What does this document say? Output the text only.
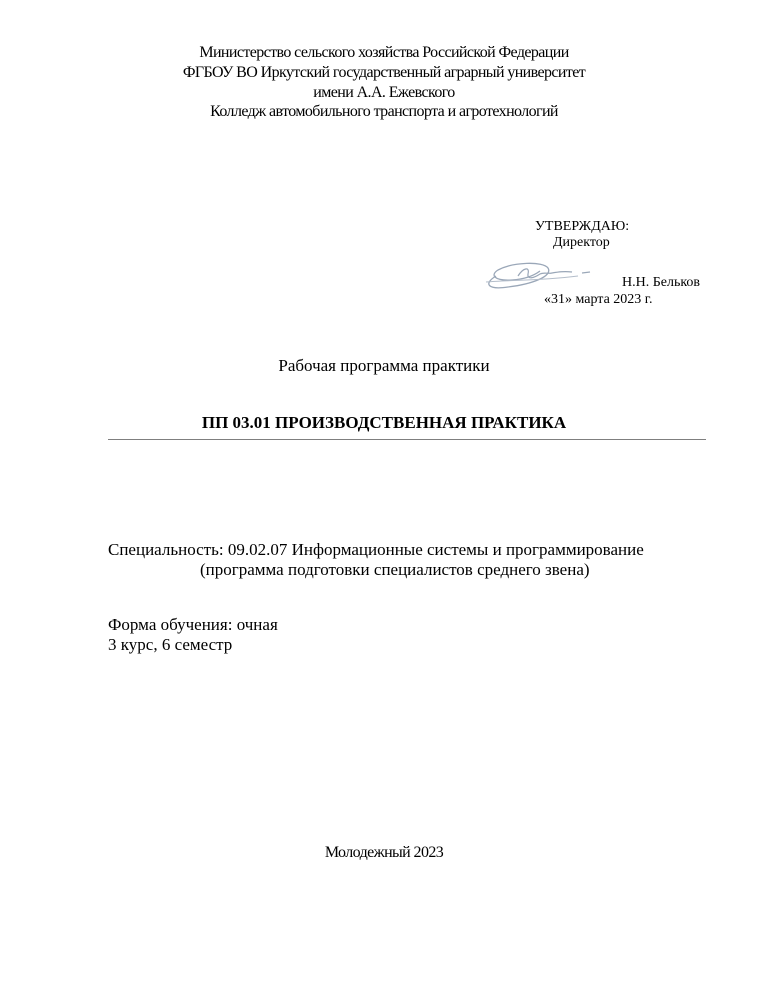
Министерство сельского хозяйства Российской Федерации
ФГБОУ ВО Иркутский государственный аграрный университет
имени А.А. Ежевского
Колледж автомобильного транспорта и агротехнологий
УТВЕРЖДАЮ:
Директор
Н.Н. Бельков
«31» марта 2023 г.
Рабочая программа практики
ПП 03.01 ПРОИЗВОДСТВЕННАЯ ПРАКТИКА
Специальность: 09.02.07 Информационные системы и программирование
(программа подготовки специалистов среднего звена)
Форма обучения: очная
3 курс, 6 семестр
Молодежный 2023
